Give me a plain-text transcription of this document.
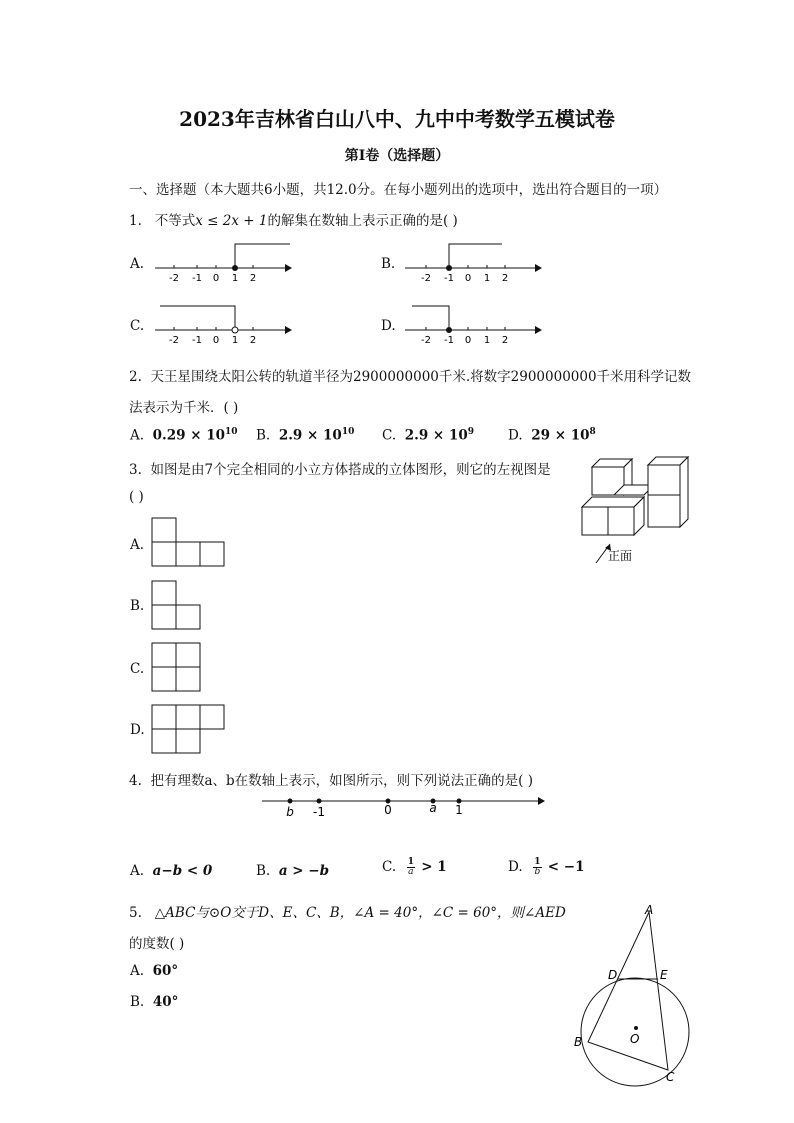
2023年吉林省白山八中、九中中考数学五模试卷
第I卷（选择题）
一、选择题（本大题共6小题，共12.0分。在每小题列出的选项中，选出符合题目的一项）
1. 不等式x ≤ 2x + 1的解集在数轴上表示正确的是( )
A.
-2 -1 0 1 2
B.
-2 -1 0 1 2
C.
-2 -1 0 1 2
D.
-2 -1 0 1 2
2. 天王星围绕太阳公转的轨道半径为2900000000千米.将数字2900000000千米用科学记数
法表示为千米．( )
A. $0.29 \times 10^{10}$ B. $2.9 \times 10^{10}$ C. $2.9 \times 10^9$	D. $29 \times 10^8$
3. 如图是由7个完全相同的小立方体搭成的立体图形，则它的左视图是
( )
正面
A.
B.
C.
D.
4. 把有理数a、b在数轴上表示，如图所示，则下列说法正确的是( )
b -1	0	a 1
A. a−b < 0	B. a > −b	C. $\frac{1}{a} > 1$	D. $\frac{1}{b} < -1$
5. △ABC与⊙O交于D、E、C、B，∠A = 40°，∠C = 60°，则∠AED
的度数( )
A. 60°
B. 40°
A
D	E
O
B
C
